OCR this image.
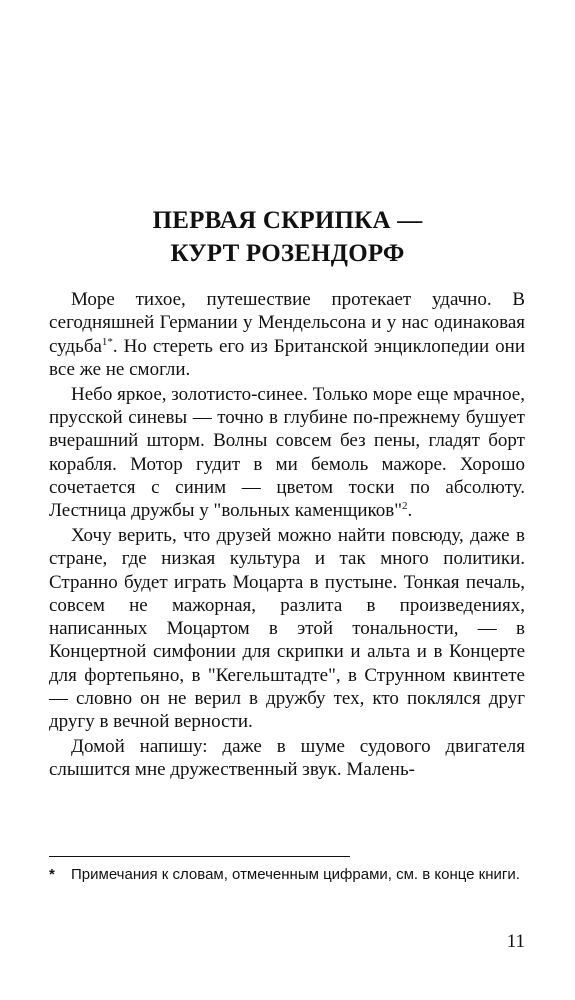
ПЕРВАЯ СКРИПКА —
КУРТ РОЗЕНДОРФ

Море тихое, путешествие протекает удачно. В сегодняшней Германии у Мендельсона и у нас одинаковая судьба$^{1*}$. Но стереть его из Британской энциклопедии они все же не смогли.

Небо яркое, золотисто-синее. Только море еще мрачное, прусской синевы — точно в глубине по-прежнему бушует вчерашний шторм. Волны совсем без пены, гладят борт корабля. Мотор гудит в ми бемоль мажоре. Хорошо сочетается с синим — цветом тоски по абсолюту. Лестница дружбы у "вольных каменщиков"$^2$.

Хочу верить, что друзей можно найти повсюду, даже в стране, где низкая культура и так много политики. Странно будет играть Моцарта в пустыне. Тонкая печаль, совсем не мажорная, разлита в произведениях, написанных Моцартом в этой тональности, — в Концертной симфонии для скрипки и альта и в Концерте для фортепьяно, в "Кегельштадте", в Струнном квинтете — словно он не верил в дружбу тех, кто поклялся друг другу в вечной верности.

Домой напишу: даже в шуме судового двигателя слышится мне дружественный звук. Малень-

* Примечания к словам, отмеченным цифрами, см. в конце книги.
11
